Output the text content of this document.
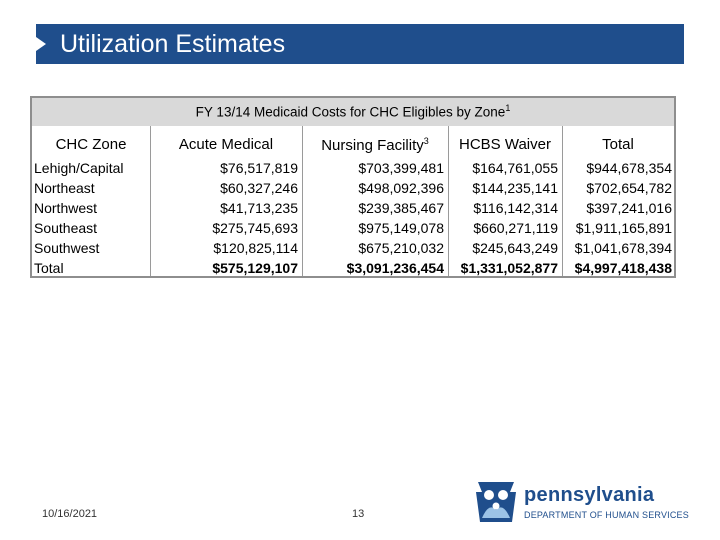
Utilization Estimates
FY 13/14 Medicaid Costs for CHC Eligibles by Zone$^1$
CHC Zone	Acute Medical	Nursing Facility$^3$	HCBS Waiver	Total
Lehigh/Capital	$76,517,819	$703,399,481	$164,761,055	$944,678,354
Northeast	$60,327,246	$498,092,396	$144,235,141	$702,654,782
Northwest	$41,713,235	$239,385,467	$116,142,314	$397,241,016
Southeast	$275,745,693	$975,149,078	$660,271,119	$1,911,165,891
Southwest	$120,825,114	$675,210,032	$245,643,249	$1,041,678,394
Total	$575,129,107	$3,091,236,454	$1,331,052,877	$4,997,418,438
10/16/2021	13
pennsylvania
DEPARTMENT OF HUMAN SERVICES
